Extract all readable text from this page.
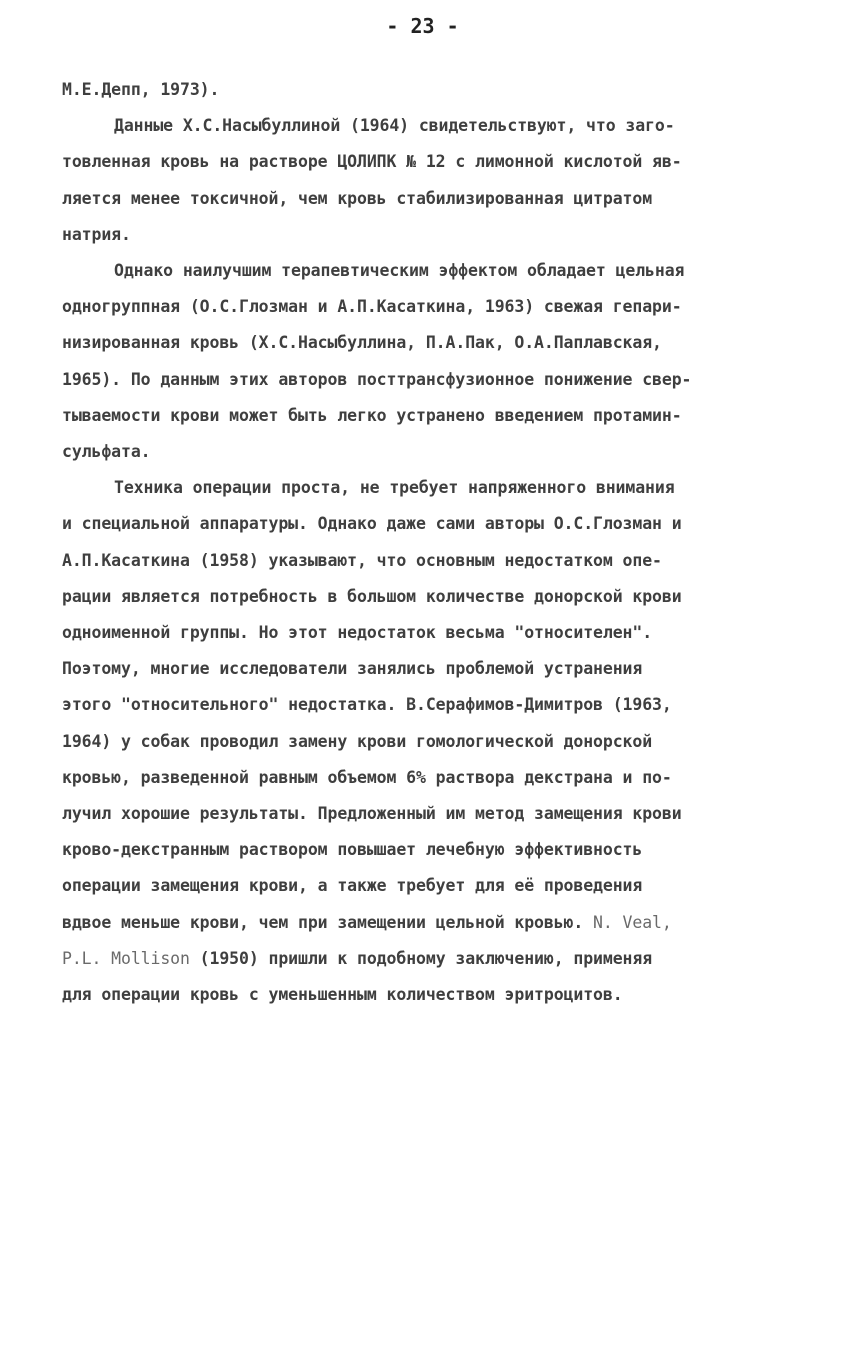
- 23 -
М.Е.Депп, 1973).
Данные Х.С.Насыбуллиной (1964) свидетельствуют, что заго-
товленная кровь на растворе ЦОЛИПК № 12 с лимонной кислотой яв-
ляется менее токсичной, чем кровь стабилизированная цитратом
натрия.
Однако наилучшим терапевтическим эффектом обладает цельная
одногруппная (О.С.Глозман и А.П.Касаткина, 1963) свежая гепари-
низированная кровь (Х.С.Насыбуллина, П.А.Пак, О.А.Паплавская,
1965). По данным этих авторов посттрансфузионное понижение свер-
тываемости крови может быть легко устранено введением протамин-
сульфата.
Техника операции проста, не требует напряженного внимания
и специальной аппаратуры. Однако даже сами авторы О.С.Глозман и
А.П.Касаткина (1958) указывают, что основным недостатком опе-
рации является потребность в большом количестве донорской крови
одноименной группы. Но этот недостаток весьма "относителен".
Поэтому, многие исследователи занялись проблемой устранения
этого "относительного" недостатка. В.Серафимов-Димитров (1963,
1964) у собак проводил замену крови гомологической донорской
кровью, разведенной равным объемом 6% раствора декстрана и по-
лучил хорошие результаты. Предложенный им метод замещения крови
крово-декстранным раствором повышает лечебную эффективность
операции замещения крови, а также требует для её проведения
вдвое меньше крови, чем при замещении цельной кровью. N. Veal,
P.L. Mollison (1950) пришли к подобному заключению, применяя
для операции кровь с уменьшенным количеством эритроцитов.
